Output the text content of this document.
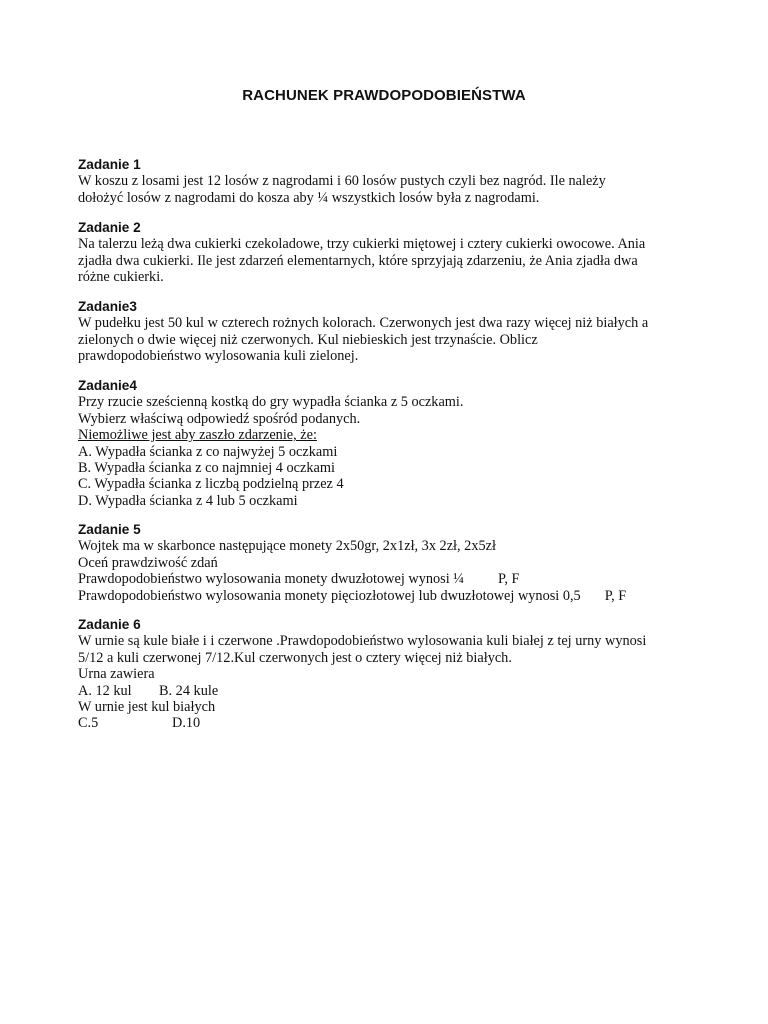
RACHUNEK PRAWDOPODOBIEŃSTWA
Zadanie 1
W koszu z losami jest 12 losów z nagrodami i 60 losów pustych czyli bez nagród. Ile należy
dołożyć losów z nagrodami do kosza aby ¼ wszystkich losów była z nagrodami.
Zadanie 2
Na talerzu leżą dwa cukierki czekoladowe, trzy cukierki miętowej i cztery cukierki owocowe. Ania
zjadła dwa cukierki. Ile jest zdarzeń elementarnych, które sprzyjają zdarzeniu, że Ania zjadła dwa
różne cukierki.
Zadanie3
W pudełku jest 50 kul w czterech rożnych kolorach. Czerwonych jest dwa razy więcej niż białych a
zielonych o dwie więcej niż czerwonych. Kul niebieskich jest trzynaście. Oblicz
prawdopodobieństwo wylosowania kuli zielonej.
Zadanie4
Przy rzucie sześcienną kostką do gry wypadła ścianka z 5 oczkami.
Wybierz właściwą odpowiedź spośród podanych.
Niemożliwe jest aby zaszło zdarzenie, że:
A. Wypadła ścianka z co najwyżej 5 oczkami
B. Wypadła ścianka z co najmniej 4 oczkami
C. Wypadła ścianka z liczbą podzielną przez 4
D. Wypadła ścianka z 4 lub 5 oczkami
Zadanie 5
Wojtek ma w skarbonce następujące monety 2x50gr, 2x1zł, 3x 2zł, 2x5zł
Oceń prawdziwość zdań
Prawdopodobieństwo wylosowania monety dwuzłotowej wynosi ¼ P, F
Prawdopodobieństwo wylosowania monety pięciozłotowej lub dwuzłotowej wynosi 0,5 P, F
Zadanie 6
W urnie są kule białe i i czerwone .Prawdopodobieństwo wylosowania kuli białej z tej urny wynosi
5/12 a kuli czerwonej 7/12.Kul czerwonych jest o cztery więcej niż białych.
Urna zawiera
A. 12 kul B. 24 kule
W urnie jest kul białych
C.5	D.10
